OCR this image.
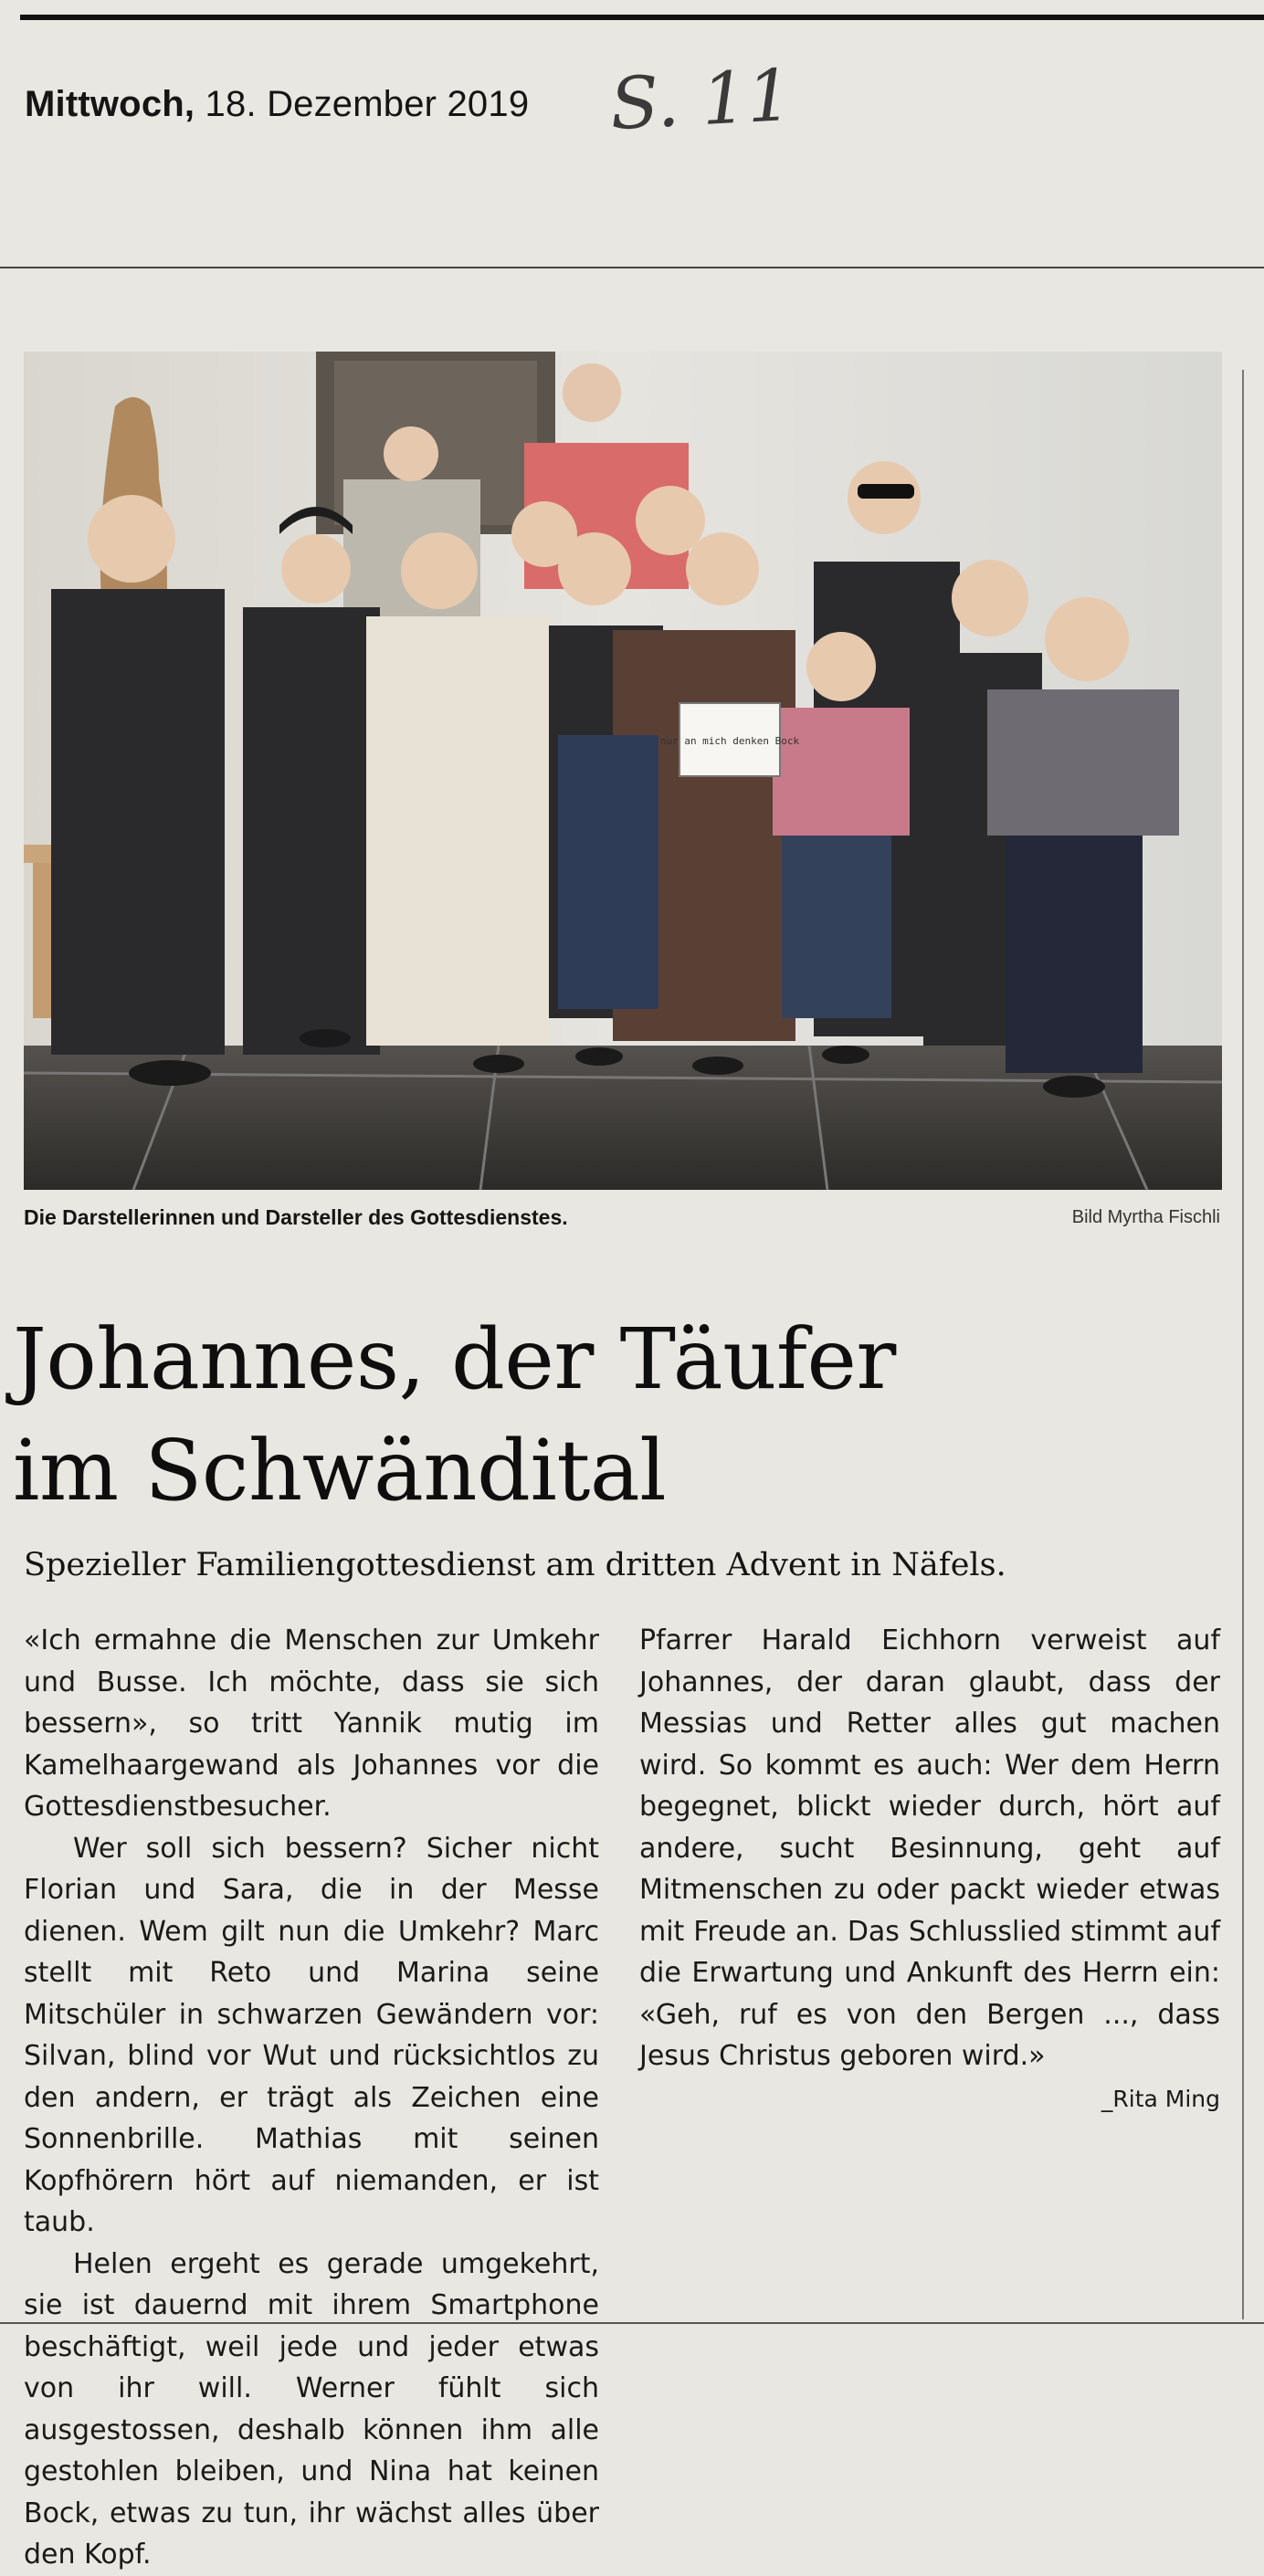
Mittwoch, 18. Dezember 2019 S. 11
nur an mich denken Bock
Die Darstellerinnen und Darsteller des Gottesdienstes.	Bild Myrtha Fischli
Johannes, der Täufer
im Schwändital
Spezieller Familiengottesdienst am dritten Advent in Näfels.

«Ich ermahne die Menschen zur Umkehr und Busse. Ich möchte, dass sie sich bessern», so tritt Yannik mutig im Kamelhaargewand als Johannes vor die Gottesdienstbesucher.

Wer soll sich bessern? Sicher nicht Florian und Sara, die in der Messe dienen. Wem gilt nun die Umkehr? Marc stellt mit Reto und Marina seine Mitschüler in schwarzen Gewändern vor: Silvan, blind vor Wut und rücksichtlos zu den andern, er trägt als Zeichen eine Sonnenbrille. Mathias mit seinen Kopfhörern hört auf niemanden, er ist taub.

Helen ergeht es gerade umgekehrt, sie ist dauernd mit ihrem Smartphone beschäftigt, weil jede und jeder etwas von ihr will. Werner fühlt sich ausgestossen, deshalb können ihm alle gestohlen bleiben, und Nina hat keinen Bock, etwas zu tun, ihr wächst alles über den Kopf.

Pfarrer Harald Eichhorn verweist auf Johannes, der daran glaubt, dass der Messias und Retter alles gut machen wird. So kommt es auch: Wer dem Herrn begegnet, blickt wieder durch, hört auf andere, sucht Besinnung, geht auf Mitmenschen zu oder packt wieder etwas mit Freude an. Das Schlusslied stimmt auf die Erwartung und Ankunft des Herrn ein: «Geh, ruf es von den Bergen ..., dass Jesus Christus geboren wird.»

_Rita Ming
